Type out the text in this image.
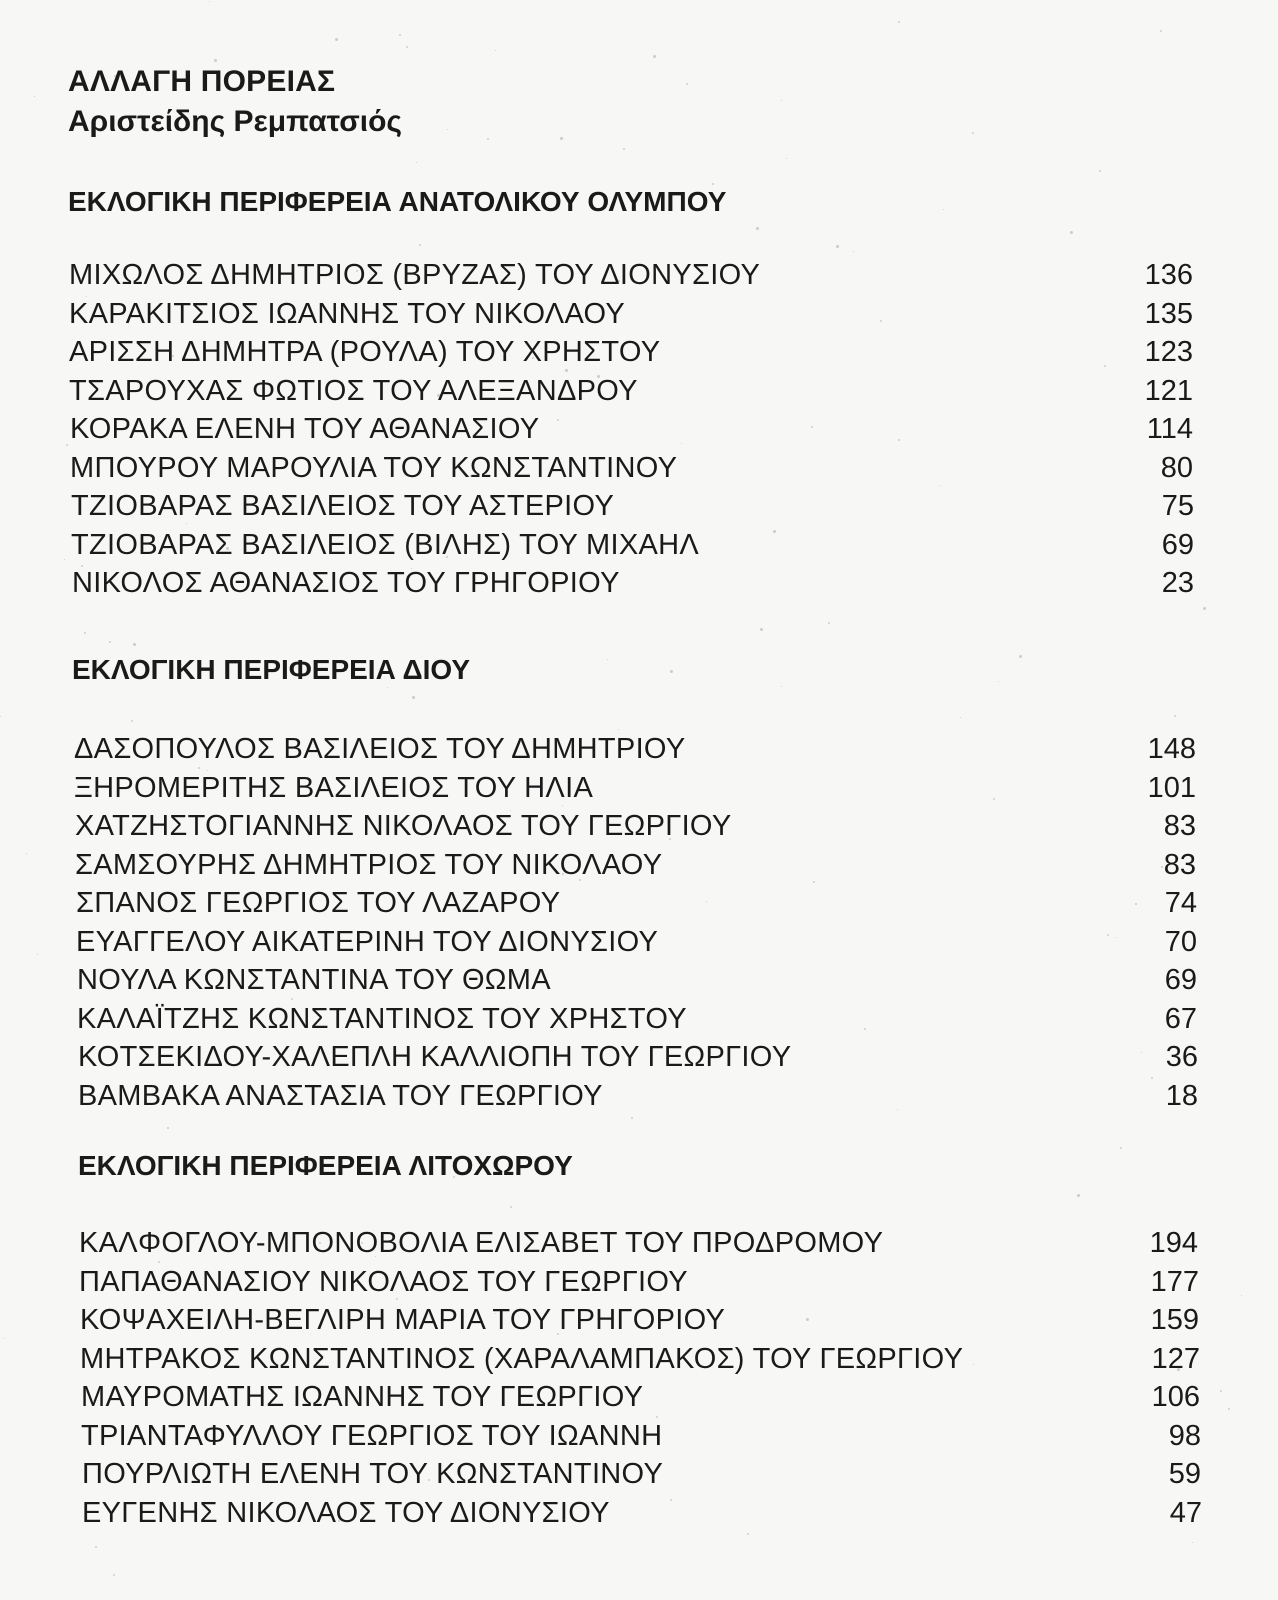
ΑΛΛΑΓΗ ΠΟΡΕΙΑΣ
Αριστείδης Ρεμπατσιός
ΕΚΛΟΓΙΚΗ ΠΕΡΙΦΕΡΕΙΑ ΑΝΑΤΟΛΙΚΟΥ ΟΛΥΜΠΟΥ
ΜΙΧΩΛΟΣ ΔΗΜΗΤΡΙΟΣ (ΒΡΥΖΑΣ) ΤΟΥ ΔΙΟΝΥΣΙΟΥ	136
ΚΑΡΑΚΙΤΣΙΟΣ ΙΩΑΝΝΗΣ ΤΟΥ ΝΙΚΟΛΑΟΥ	135
ΑΡΙΣΣΗ ΔΗΜΗΤΡΑ (ΡΟΥΛΑ) ΤΟΥ ΧΡΗΣΤΟΥ	123
ΤΣΑΡΟΥΧΑΣ ΦΩΤΙΟΣ ΤΟΥ ΑΛΕΞΑΝΔΡΟΥ	121
ΚΟΡΑΚΑ ΕΛΕΝΗ ΤΟΥ ΑΘΑΝΑΣΙΟΥ	114
ΜΠΟΥΡΟΥ ΜΑΡΟΥΛΙΑ ΤΟΥ ΚΩΝΣΤΑΝΤΙΝΟΥ	80
ΤΖΙΟΒΑΡΑΣ ΒΑΣΙΛΕΙΟΣ ΤΟΥ ΑΣΤΕΡΙΟΥ	75
ΤΖΙΟΒΑΡΑΣ ΒΑΣΙΛΕΙΟΣ (ΒΙΛΗΣ) ΤΟΥ ΜΙΧΑΗΛ	69
ΝΙΚΟΛΟΣ ΑΘΑΝΑΣΙΟΣ ΤΟΥ ΓΡΗΓΟΡΙΟΥ	23
ΕΚΛΟΓΙΚΗ ΠΕΡΙΦΕΡΕΙΑ ΔΙΟΥ
ΔΑΣΟΠΟΥΛΟΣ ΒΑΣΙΛΕΙΟΣ ΤΟΥ ΔΗΜΗΤΡΙΟΥ	148
ΞΗΡΟΜΕΡΙΤΗΣ ΒΑΣΙΛΕΙΟΣ ΤΟΥ ΗΛΙΑ	101
ΧΑΤΖΗΣΤΟΓΙΑΝΝΗΣ ΝΙΚΟΛΑΟΣ ΤΟΥ ΓΕΩΡΓΙΟΥ	83
ΣΑΜΣΟΥΡΗΣ ΔΗΜΗΤΡΙΟΣ ΤΟΥ ΝΙΚΟΛΑΟΥ	83
ΣΠΑΝΟΣ ΓΕΩΡΓΙΟΣ ΤΟΥ ΛΑΖΑΡΟΥ	74
ΕΥΑΓΓΕΛΟΥ ΑΙΚΑΤΕΡΙΝΗ ΤΟΥ ΔΙΟΝΥΣΙΟΥ	70
ΝΟΥΛΑ ΚΩΝΣΤΑΝΤΙΝΑ ΤΟΥ ΘΩΜΑ	69
ΚΑΛΑΪΤΖΗΣ ΚΩΝΣΤΑΝΤΙΝΟΣ ΤΟΥ ΧΡΗΣΤΟΥ	67
ΚΟΤΣΕΚΙΔΟΥ-ΧΑΛΕΠΛΗ ΚΑΛΛΙΟΠΗ ΤΟΥ ΓΕΩΡΓΙΟΥ	36
ΒΑΜΒΑΚΑ ΑΝΑΣΤΑΣΙΑ ΤΟΥ ΓΕΩΡΓΙΟΥ	18
ΕΚΛΟΓΙΚΗ ΠΕΡΙΦΕΡΕΙΑ ΛΙΤΟΧΩΡΟΥ
ΚΑΛΦΟΓΛΟΥ-ΜΠΟΝΟΒΟΛΙΑ ΕΛΙΣΑΒΕΤ ΤΟΥ ΠΡΟΔΡΟΜΟΥ	194
ΠΑΠΑΘΑΝΑΣΙΟΥ ΝΙΚΟΛΑΟΣ ΤΟΥ ΓΕΩΡΓΙΟΥ	177
ΚΟΨΑΧΕΙΛΗ-ΒΕΓΛΙΡΗ ΜΑΡΙΑ ΤΟΥ ΓΡΗΓΟΡΙΟΥ	159
ΜΗΤΡΑΚΟΣ ΚΩΝΣΤΑΝΤΙΝΟΣ (ΧΑΡΑΛΑΜΠΑΚΟΣ) ΤΟΥ ΓΕΩΡΓΙΟΥ	127
ΜΑΥΡΟΜΑΤΗΣ ΙΩΑΝΝΗΣ ΤΟΥ ΓΕΩΡΓΙΟΥ	106
ΤΡΙΑΝΤΑΦΥΛΛΟΥ ΓΕΩΡΓΙΟΣ ΤΟΥ ΙΩΑΝΝΗ	98
ΠΟΥΡΛΙΩΤΗ ΕΛΕΝΗ ΤΟΥ ΚΩΝΣΤΑΝΤΙΝΟΥ	59
ΕΥΓΕΝΗΣ ΝΙΚΟΛΑΟΣ ΤΟΥ ΔΙΟΝΥΣΙΟΥ	47
